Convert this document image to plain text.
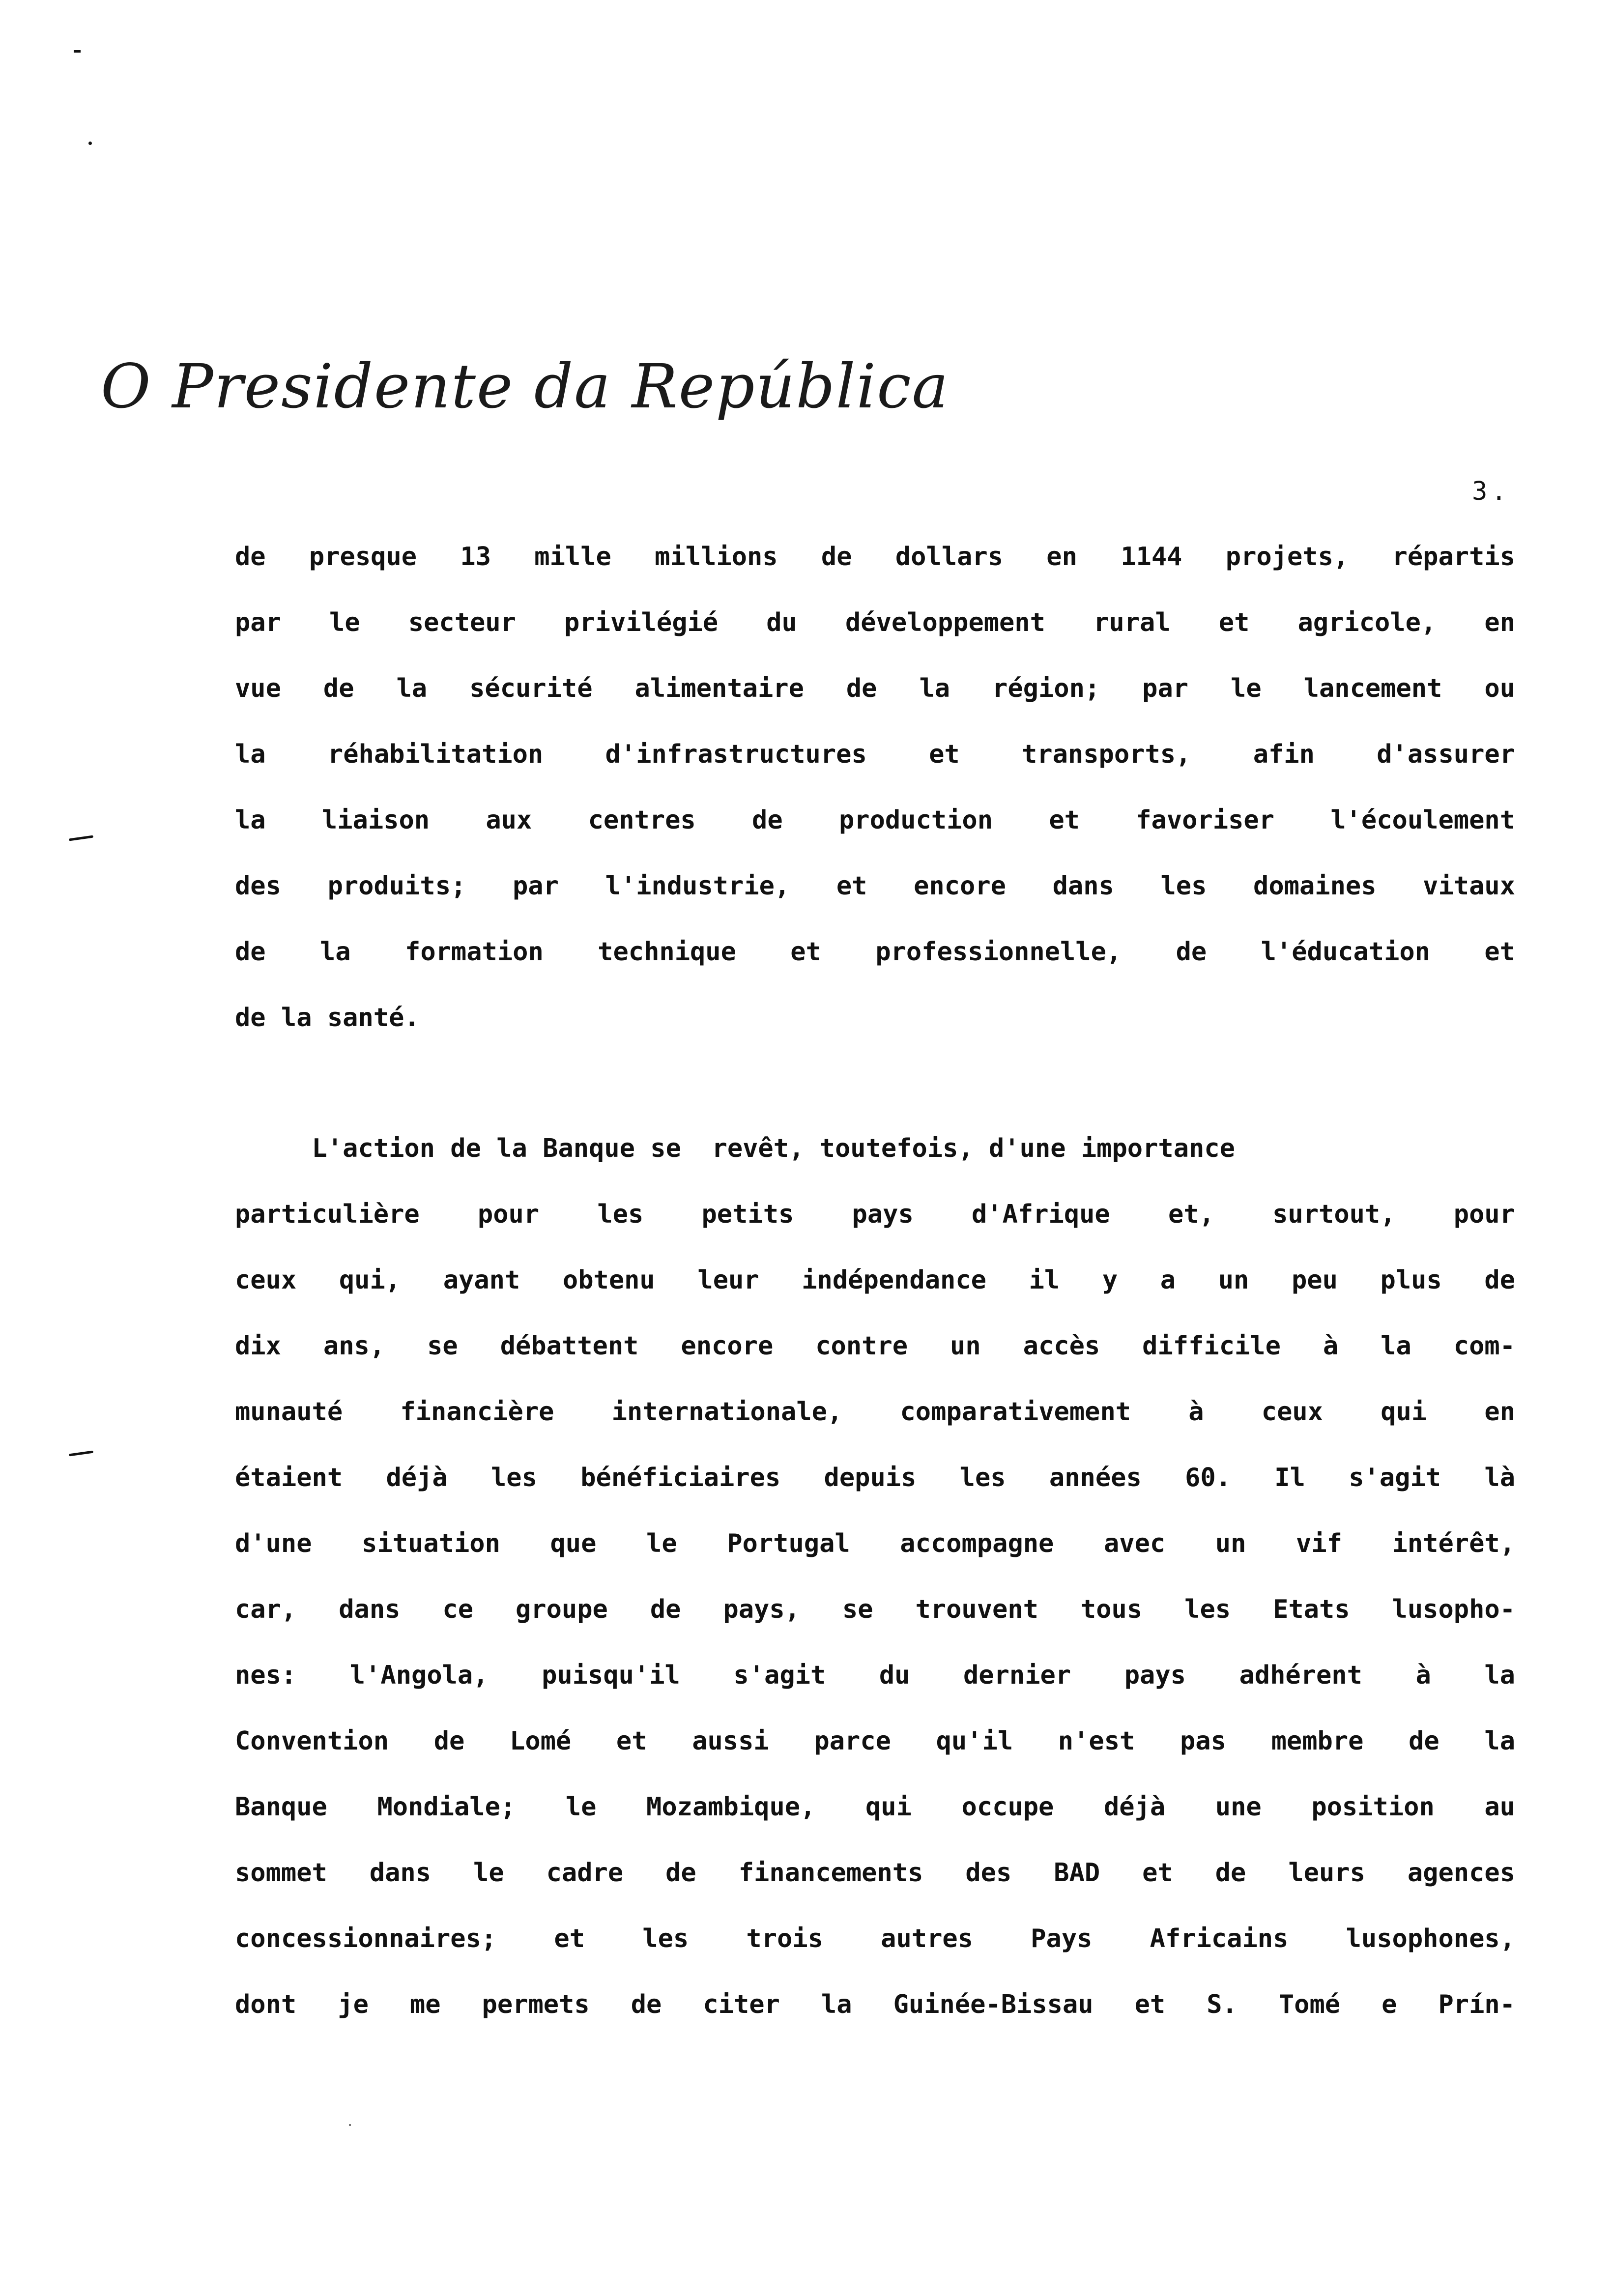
O Presidente da República
3.
de presque 13 mille millions de dollars en 1144 projets, répartis
par le secteur privilégié du développement rural et agricole, en
vue de la sécurité alimentaire de la région; par le lancement ou
la réhabilitation d'infrastructures et transports, afin d'assurer
la liaison aux centres de production et favoriser l'écoulement
des produits; par l'industrie, et encore dans les domaines vitaux
de la formation technique et professionnelle, de l'éducation et
de la santé.
L'action de la Banque se  revêt, toutefois, d'une importance
particulière pour les petits pays d'Afrique et, surtout, pour
ceux qui, ayant obtenu leur indépendance il y a un peu plus de
dix ans, se débattent encore contre un accès difficile à la com-
munauté financière internationale, comparativement à ceux qui en
étaient déjà les bénéficiaires depuis les années 60. Il s'agit là
d'une situation que le Portugal accompagne avec un vif intérêt,
car, dans ce groupe de pays, se trouvent tous les Etats lusopho-
nes: l'Angola, puisqu'il s'agit du dernier pays adhérent à la
Convention de Lomé et aussi parce qu'il n'est pas membre de la
Banque Mondiale; le Mozambique, qui occupe déjà une position au
sommet dans le cadre de financements des BAD et de leurs agences
concessionnaires; et les trois autres Pays Africains lusophones,
dont je me permets de citer la Guinée-Bissau et S. Tomé e Prín-
